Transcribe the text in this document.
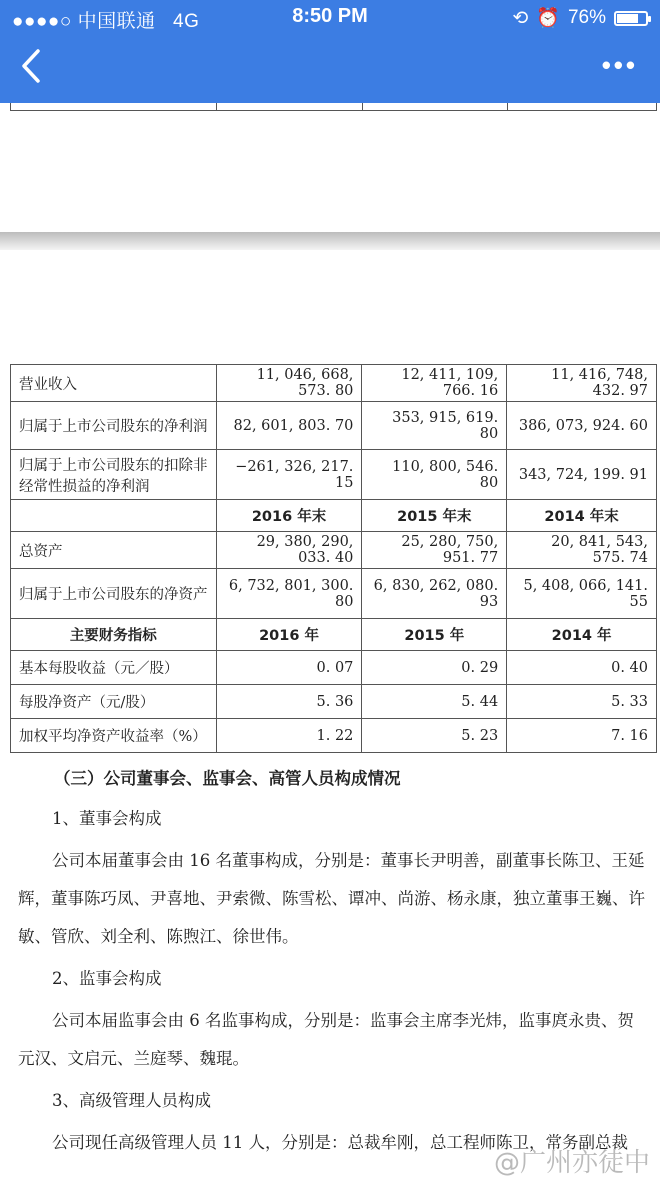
●●●●○ 中国联通 4G	8:50 PM	⟲ ⏰ 76%
•••
营业收入	11, 046, 668, 573. 80	12, 411, 109, 766. 16	11, 416, 748, 432. 97
归属于上市公司股东的净利润	82, 601, 803. 70	353, 915, 619. 80	386, 073, 924. 60
归属于上市公司股东的扣除非经常性损益的净利润	−261, 326, 217. 15	110, 800, 546. 80	343, 724, 199. 91
	2016 年末	2015 年末	2014 年末
总资产	29, 380, 290, 033. 40	25, 280, 750, 951. 77	20, 841, 543, 575. 74
归属于上市公司股东的净资产	6, 732, 801, 300. 80	6, 830, 262, 080. 93	5, 408, 066, 141. 55
主要财务指标	2016 年	2015 年	2014 年
基本每股收益（元／股）	0. 07	0. 29	0. 40
每股净资产（元/股）	5. 36	5. 44	5. 33
加权平均净资产收益率（%）	1. 22	5. 23	7. 16

（三）公司董事会、监事会、高管人员构成情况

1、董事会构成

公司本届董事会由 16 名董事构成，分别是：董事长尹明善，副董事长陈卫、王延辉，董事陈巧凤、尹喜地、尹索微、陈雪松、谭冲、尚游、杨永康，独立董事王巍、许敏、管欣、刘全利、陈煦江、徐世伟。

2、监事会构成

公司本届监事会由 6 名监事构成，分别是：监事会主席李光炜，监事庹永贵、贺元汉、文启元、兰庭琴、魏琨。

3、高级管理人员构成

公司现任高级管理人员 11 人，分别是：总裁牟刚，总工程师陈卫，常务副总裁

@广州亦徒中
